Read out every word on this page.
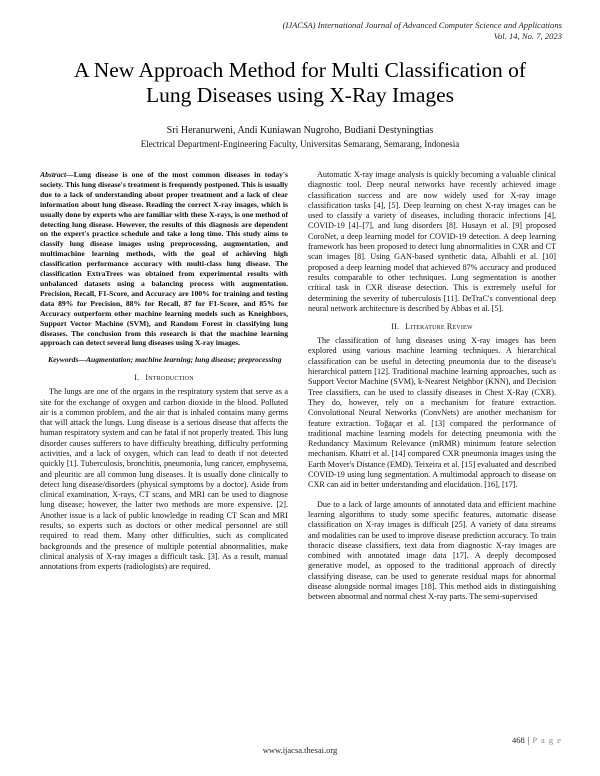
(IJACSA) International Journal of Advanced Computer Science and Applications
Vol. 14, No. 7, 2023
A New Approach Method for Multi Classification of
Lung Diseases using X-Ray Images
Sri Heranurweni, Andi Kuniawan Nugroho, Budiani Destyningtias
Electrical Department-Engineering Faculty, Universitas Semarang, Semarang, Indonesia

Abstract—Lung disease is one of the most common diseases in today's society. This lung disease's treatment is frequently postponed. This is usually due to a lack of understanding about proper treatment and a lack of clear information about lung disease. Reading the correct X-ray images, which is usually done by experts who are familiar with these X-rays, is one method of detecting lung disease. However, the results of this diagnosis are dependent on the expert's practice schedule and take a long time. This study aims to classify lung disease images using preprocessing, augmentation, and multimachine learning methods, with the goal of achieving high classification performance accuracy with multi-class lung disease. The classification ExtraTrees was obtained from experimental results with unbalanced datasets using a balancing process with augmentation. Precision, Recall, F1-Score, and Accuracy are 100% for training and testing data 89% for Precision, 88% for Recall, 87 for F1-Score, and 85% for Accuracy outperform other machine learning models such as Kneighbors, Support Vector Machine (SVM), and Random Forest in classifying lung diseases. The conclusion from this research is that the machine learning approach can detect several lung diseases using X-ray images.

Keywords—Augmentation; machine learning; lung disease; preprocessing

I. Introduction

The lungs are one of the organs in the respiratory system that serve as a site for the exchange of oxygen and carbon dioxide in the blood. Polluted air is a common problem, and the air that is inhaled contains many germs that will attack the lungs. Lung disease is a serious disease that affects the human respiratory system and can be fatal if not properly treated. This lung disorder causes sufferers to have difficulty breathing, difficulty performing activities, and a lack of oxygen, which can lead to death if not detected quickly [1]. Tuberculosis, bronchitis, pneumonia, lung cancer, emphysema, and pleuritic are all common lung diseases. It is usually done clinically to detect lung disease/disorders (physical symptoms by a doctor). Aside from clinical examination, X-rays, CT scans, and MRI can be used to diagnose lung disease; however, the latter two methods are more expensive. [2]. Another issue is a lack of public knowledge in reading CT Scan and MRI results, so experts such as doctors or other medical personnel are still required to read them. Many other difficulties, such as complicated backgrounds and the presence of multiple potential abnormalities, make clinical analysis of X-ray images a difficult task. [3]. As a result, manual annotations from experts (radiologists) are required.

Automatic X-ray image analysis is quickly becoming a valuable clinical diagnostic tool. Deep neural networks have recently achieved image classification success and are now widely used for X-ray image classification tasks [4], [5]. Deep learning on chest X-ray images can be used to classify a variety of diseases, including thoracic infections [4], COVID-19 [4]–[7], and lung disorders [8]. Husayn et al. [9] proposed CoroNet, a deep learning model for COVID-19 detection. A deep learning framework has been proposed to detect lung abnormalities in CXR and CT scan images [8]. Using GAN-based synthetic data, Albahli et al. [10] proposed a deep learning model that achieved 87% accuracy and produced results comparable to other techniques. Lung segmentation is another critical task in CXR disease detection. This is extremely useful for determining the severity of tuberculosis [11]. DeTraC's conventional deep neural network architecture is described by Abbas et al. [5].

II. Literature Review

The classification of lung diseases using X-ray images has been explored using various machine learning techniques. A hierarchical classification can be useful in detecting pneumonia due to the disease's hierarchical pattern [12]. Traditional machine learning approaches, such as Support Vector Machine (SVM), k-Nearest Neighbor (KNN), and Decision Tree classifiers, can be used to classify diseases in Chest X-Ray (CXR). They do, however, rely on a mechanism for feature extraction. Convolutional Neural Networks (ConvNets) are another mechanism for feature extraction. Toğaçar et al. [13] compared the performance of traditional machine learning models for detecting pneumonia with the Redundancy Maximum Relevance (mRMR) minimum feature selection mechanism. Khatri et al. [14] compared CXR pneumonia images using the Earth Mover's Distance (EMD). Teixeira et al. [15] evaluated and described COVID-19 using lung segmentation. A multimodal approach to disease on CXR can aid in better understanding and elucidation. [16], [17].

Due to a lack of large amounts of annotated data and efficient machine learning algorithms to study some specific features, automatic disease classification on X-ray images is difficult [25]. A variety of data streams and modalities can be used to improve disease prediction accuracy. To train thoracic disease classifiers, text data from diagnostic X-ray images are combined with annotated image data [17]. A deeply decomposed generative model, as opposed to the traditional approach of directly classifying disease, can be used to generate residual maps for abnormal disease alongside normal images [18]. This method aids in distinguishing between abnormal and normal chest X-ray parts. The semi-supervised

468 | P a g e
www.ijacsa.thesai.org
